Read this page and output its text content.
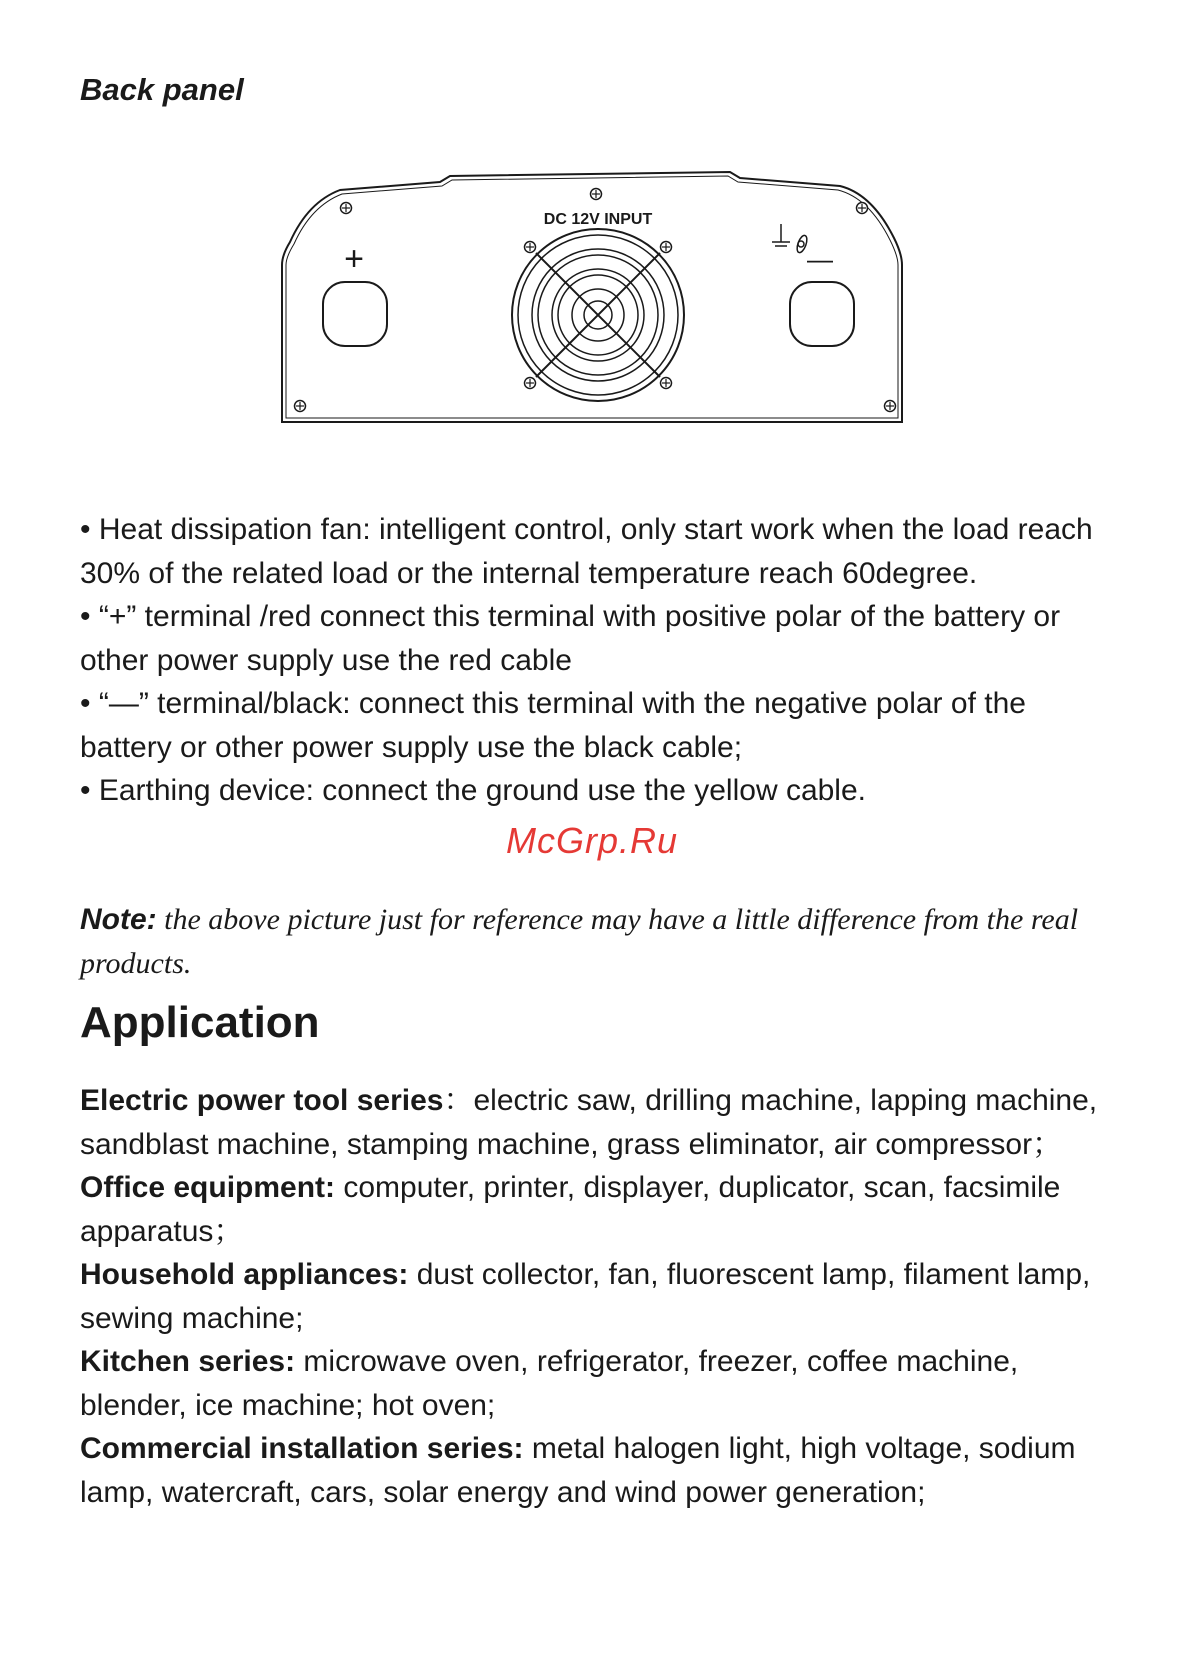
Back panel
DC 12V INPUT
+	—

• Heat dissipation fan: intelligent control, only start work when the load reach 30% of the related load or the internal temperature reach 60degree.

• “+” terminal /red connect this terminal with positive polar of the battery or other power supply use the red cable

• “—” terminal/black: connect this terminal with the negative polar of the battery or other power supply use the black cable;

• Earthing device: connect the ground use the yellow cable.

McGrp.Ru
Note: the above picture just for reference may have a little difference from the real products.
Application

Electric power tool series：electric saw, drilling machine, lapping machine, sandblast machine, stamping machine, grass eliminator, air compressor；

Office equipment: computer, printer, displayer, duplicator, scan, facsimile apparatus；

Household appliances: dust collector, fan, fluorescent lamp, filament lamp, sewing machine;

Kitchen series: microwave oven, refrigerator, freezer, coffee machine, blender, ice machine; hot oven;

Commercial installation series: metal halogen light, high voltage, sodium lamp, watercraft, cars, solar energy and wind power generation;
